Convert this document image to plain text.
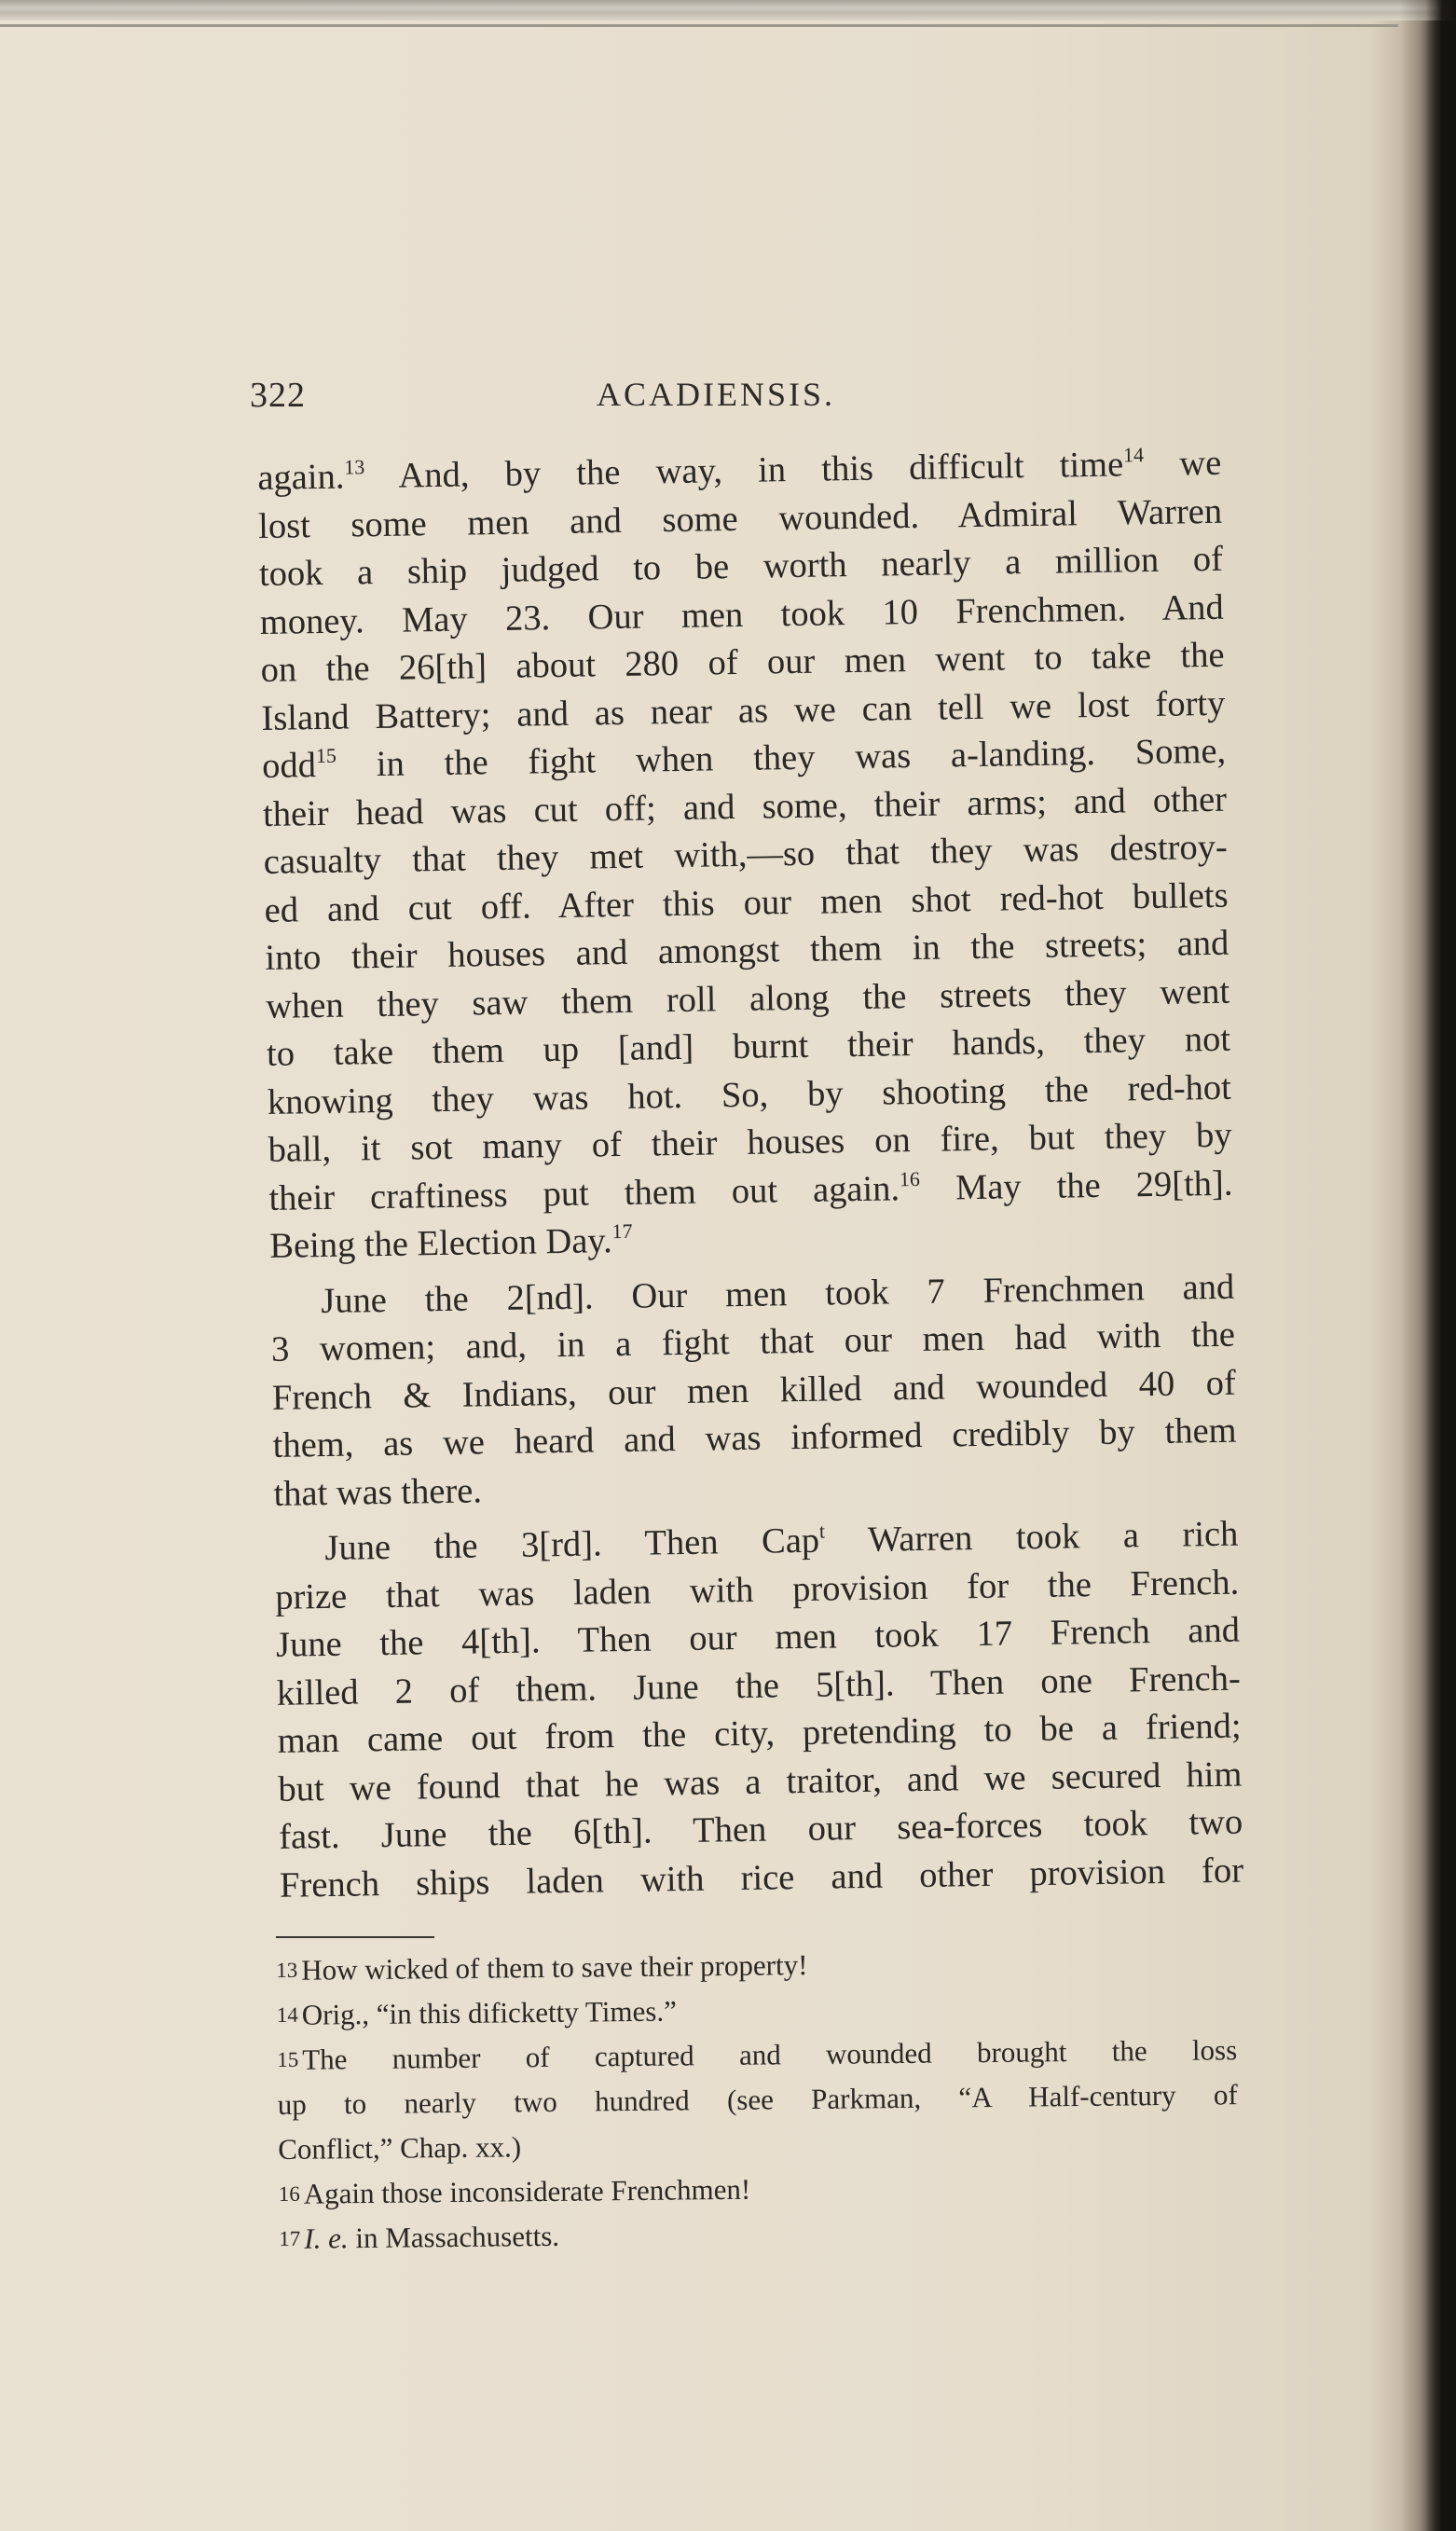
322	ACADIENSIS.
again.$^{13}$ And, by the way, in this difficult time$^{14}$ we
lost some men and some wounded. Admiral Warren
took a ship judged to be worth nearly a million of
money. May 23. Our men took 10 Frenchmen. And
on the 26[th] about 280 of our men went to take the
Island Battery; and as near as we can tell we lost forty
odd$^{15}$ in the fight when they was a-landing. Some,
their head was cut off; and some, their arms; and other
casualty that they met with,—so that they was destroy-
ed and cut off. After this our men shot red-hot bullets
into their houses and amongst them in the streets; and
when they saw them roll along the streets they went
to take them up [and] burnt their hands, they not
knowing they was hot. So, by shooting the red-hot
ball, it sot many of their houses on fire, but they by
their craftiness put them out again.$^{16}$ May the 29[th].
Being the Election Day.$^{17}$
June the 2[nd]. Our men took 7 Frenchmen and
3 women; and, in a fight that our men had with the
French & Indians, our men killed and wounded 40 of
them, as we heard and was informed credibly by them
that was there.
June the 3[rd]. Then Cap$^t$ Warren took a rich
prize that was laden with provision for the French.
June the 4[th]. Then our men took 17 French and
killed 2 of them. June the 5[th]. Then one French-
man came out from the city, pretending to be a friend;
but we found that he was a traitor, and we secured him
fast. June the 6[th]. Then our sea-forces took two
French ships laden with rice and other provision for
13 How wicked of them to save their property!
14 Orig., “in this dificketty Times.”
15 The number of captured and wounded brought the loss
up to nearly two hundred (see Parkman, “A Half-century of
Conflict,” Chap. xx.)
16 Again those inconsiderate Frenchmen!
17 I. e. in Massachusetts.
